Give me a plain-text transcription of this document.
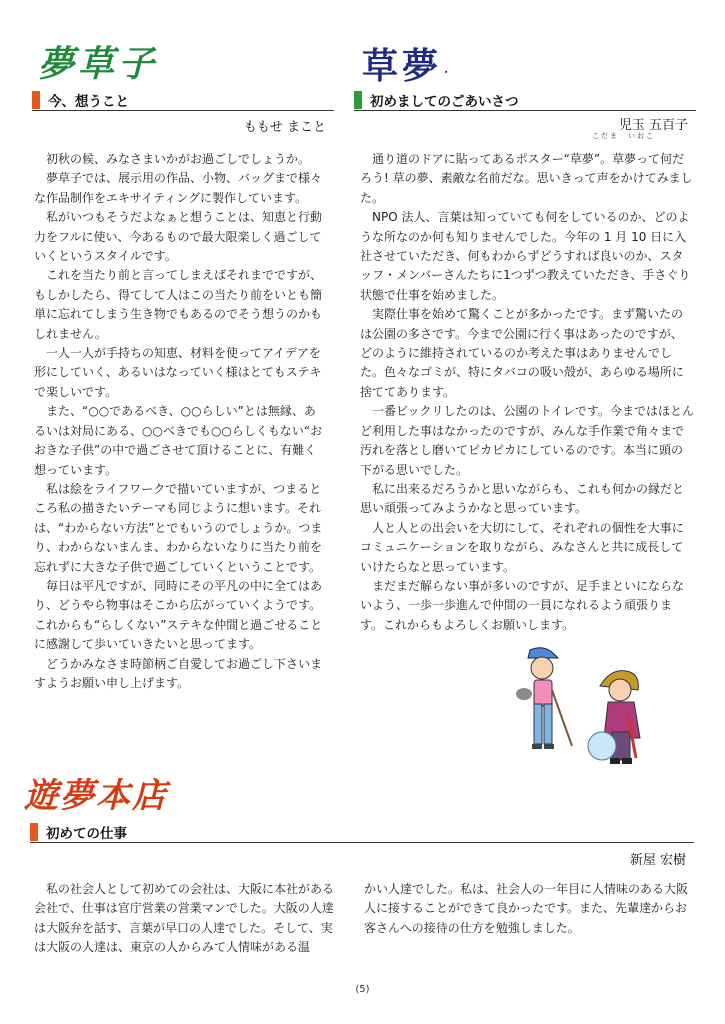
夢草子	草夢 .
遊夢本店
今、想うこと
ももせ まこと

初秋の候、みなさまいかがお過ごしでしょうか。

夢草子では、展示用の作品、小物、バッグまで様々な作品制作をエキサイティングに製作しています。

私がいつもそうだよなぁと想うことは、知恵と行動力をフルに使い、今あるもので最大限楽しく過ごしていくというスタイルです。

これを当たり前と言ってしまえばそれまでですが、もしかしたら、得てして人はこの当たり前をいとも簡単に忘れてしまう生き物でもあるのでそう想うのかもしれません。

一人一人が手持ちの知恵、材料を使ってアイデアを形にしていく、あるいはなっていく様はとてもステキで楽しいです。

また、“○○であるべき、○○らしい”とは無縁、あるいは対局にある、○○べきでも○○らしくもない“おおきな子供”の中で過ごさせて頂けることに、有難く想っています。

私は絵をライフワークで描いていますが、つまるところ私の描きたいテーマも同じように想います。それは、“わからない方法”とでもいうのでしょうか。つまり、わからないまんま、わからないなりに当たり前を忘れずに大きな子供で過ごしていくということです。

毎日は平凡ですが、同時にその平凡の中に全てはあり、どうやら物事はそこから広がっていくようです。これからも“らしくない”ステキな仲間と過ごせることに感謝して歩いていきたいと思ってます。

どうかみなさま時節柄ご自愛してお過ごし下さいますようお願い申し上げます。

初めましてのごあいさつ
児玉 五百子
こだま　いおこ

通り道のドアに貼ってあるポスター“草夢”。草夢って何だろう! 草の夢、素敵な名前だな。思いきって声をかけてみました。

NPO 法人、言葉は知っていても何をしているのか、どのような所なのか何も知りませんでした。今年の 1 月 10 日に入社させていただき、何もわからずどうすれば良いのか、スタッフ・メンバーさんたちに1つずつ教えていただき、手さぐり状態で仕事を始めました。

実際仕事を始めて驚くことが多かったです。まず驚いたのは公園の多さです。今まで公園に行く事はあったのですが、どのように維持されているのか考えた事はありませんでした。色々なゴミが、特にタバコの吸い殻が、あらゆる場所に捨ててあります。

一番ビックリしたのは、公園のトイレです。今まではほとんど利用した事はなかったのですが、みんな手作業で角々まで汚れを落とし磨いてピカピカにしているのです。本当に頭の下がる思いでした。

私に出来るだろうかと思いながらも、これも何かの縁だと思い頑張ってみようかなと思っています。

人と人との出会いを大切にして、それぞれの個性を大事にコミュニケーションを取りながら、みなさんと共に成長していけたらなと思っています。

まだまだ解らない事が多いのですが、足手まといにならないよう、一歩一歩進んで仲間の一員になれるよう頑張ります。これからもよろしくお願いします。

初めての仕事
新屋 宏樹

私の社会人として初めての会社は、大阪に本社がある会社で、仕事は官庁営業の営業マンでした。大阪の人達は大阪弁を話す、言葉が早口の人達でした。そして、実は大阪の人達は、東京の人からみて人情味がある温

かい人達でした。私は、社会人の一年目に人情味のある大阪人に接することができて良かったです。また、先輩達からお客さんへの接待の仕方を勉強しました。

(5)
